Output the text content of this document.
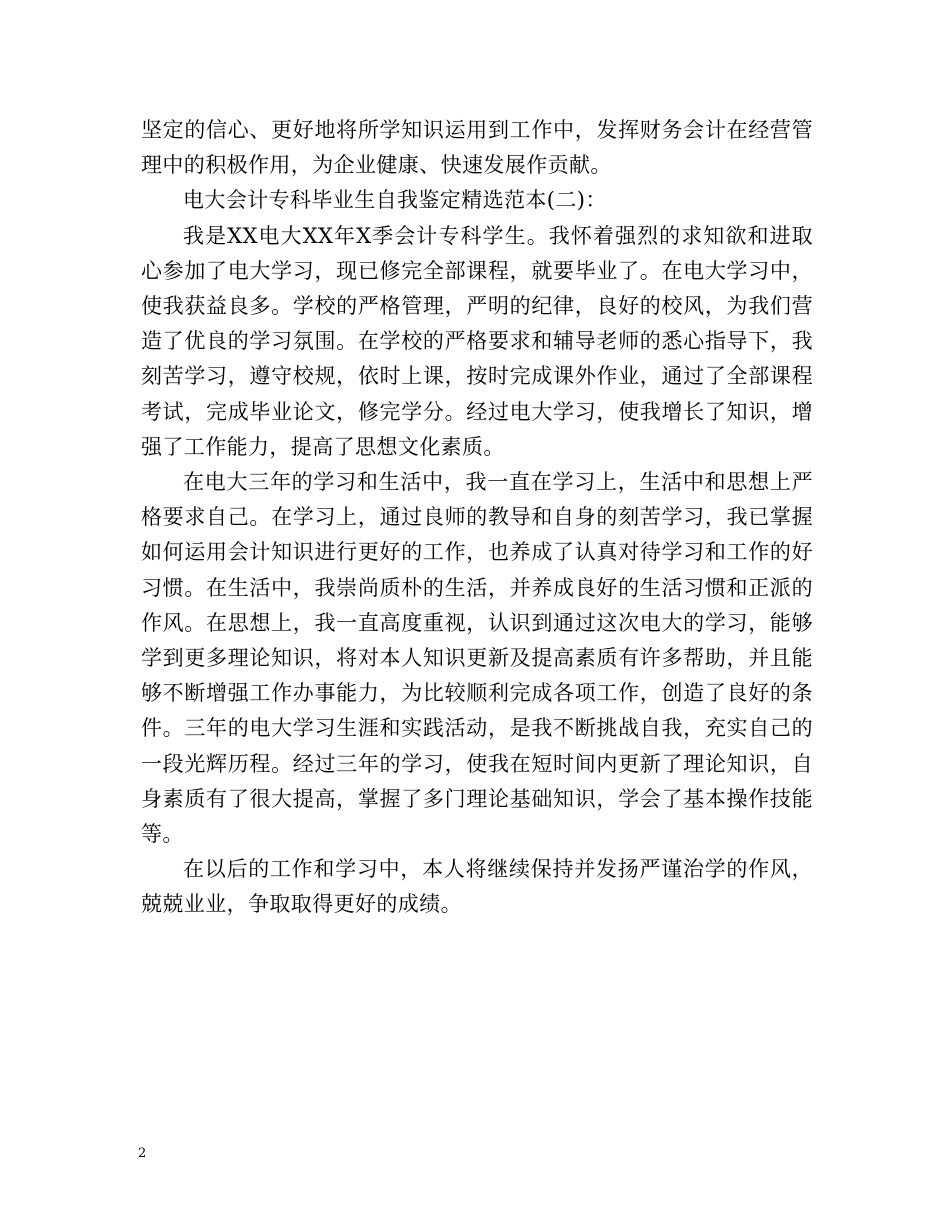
坚定的信心、更好地将所学知识运用到工作中，发挥财务会计在经营管理中的积极作用，为企业健康、快速发展作贡献。

电大会计专科毕业生自我鉴定精选范本(二)：

我是XX电大XX年X季会计专科学生。我怀着强烈的求知欲和进取心参加了电大学习，现已修完全部课程，就要毕业了。在电大学习中，使我获益良多。学校的严格管理，严明的纪律，良好的校风，为我们营造了优良的学习氛围。在学校的严格要求和辅导老师的悉心指导下，我刻苦学习，遵守校规，依时上课，按时完成课外作业，通过了全部课程考试，完成毕业论文，修完学分。经过电大学习，使我增长了知识，增强了工作能力，提高了思想文化素质。

在电大三年的学习和生活中，我一直在学习上，生活中和思想上严格要求自己。在学习上，通过良师的教导和自身的刻苦学习，我已掌握如何运用会计知识进行更好的工作，也养成了认真对待学习和工作的好习惯。在生活中，我崇尚质朴的生活，并养成良好的生活习惯和正派的作风。在思想上，我一直高度重视，认识到通过这次电大的学习，能够学到更多理论知识，将对本人知识更新及提高素质有许多帮助，并且能够不断增强工作办事能力，为比较顺利完成各项工作，创造了良好的条件。三年的电大学习生涯和实践活动，是我不断挑战自我，充实自己的一段光辉历程。经过三年的学习，使我在短时间内更新了理论知识，自身素质有了很大提高，掌握了多门理论基础知识，学会了基本操作技能等。

在以后的工作和学习中，本人将继续保持并发扬严谨治学的作风，兢兢业业，争取取得更好的成绩。

2
